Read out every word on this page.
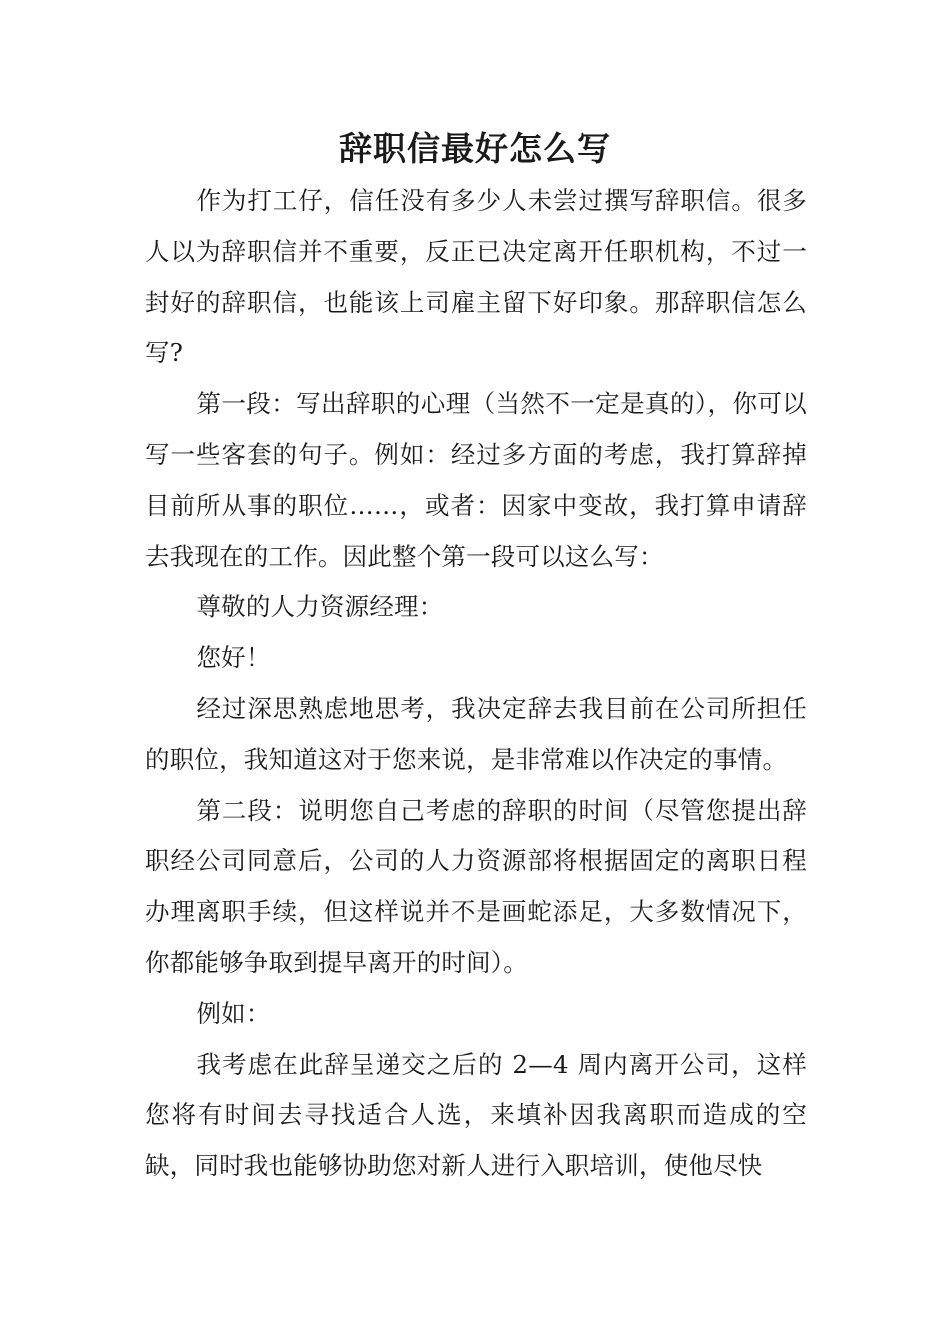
辞职信最好怎么写

作为打工仔，信任没有多少人未尝过撰写辞职信。很多人以为辞职信并不重要，反正已决定离开任职机构，不过一封好的辞职信，也能该上司雇主留下好印象。那辞职信怎么写?

第一段：写出辞职的心理（当然不一定是真的），你可以写一些客套的句子。例如：经过多方面的考虑，我打算辞掉目前所从事的职位……，或者：因家中变故，我打算申请辞去我现在的工作。因此整个第一段可以这么写：

尊敬的人力资源经理：

您好！

经过深思熟虑地思考，我决定辞去我目前在公司所担任的职位，我知道这对于您来说，是非常难以作决定的事情。

第二段：说明您自己考虑的辞职的时间（尽管您提出辞职经公司同意后，公司的人力资源部将根据固定的离职日程办理离职手续，但这样说并不是画蛇添足，大多数情况下，你都能够争取到提早离开的时间）。

例如：

我考虑在此辞呈递交之后的 2—4 周内离开公司，这样您将有时间去寻找适合人选，来填补因我离职而造成的空缺，同时我也能够协助您对新人进行入职培训，使他尽快
